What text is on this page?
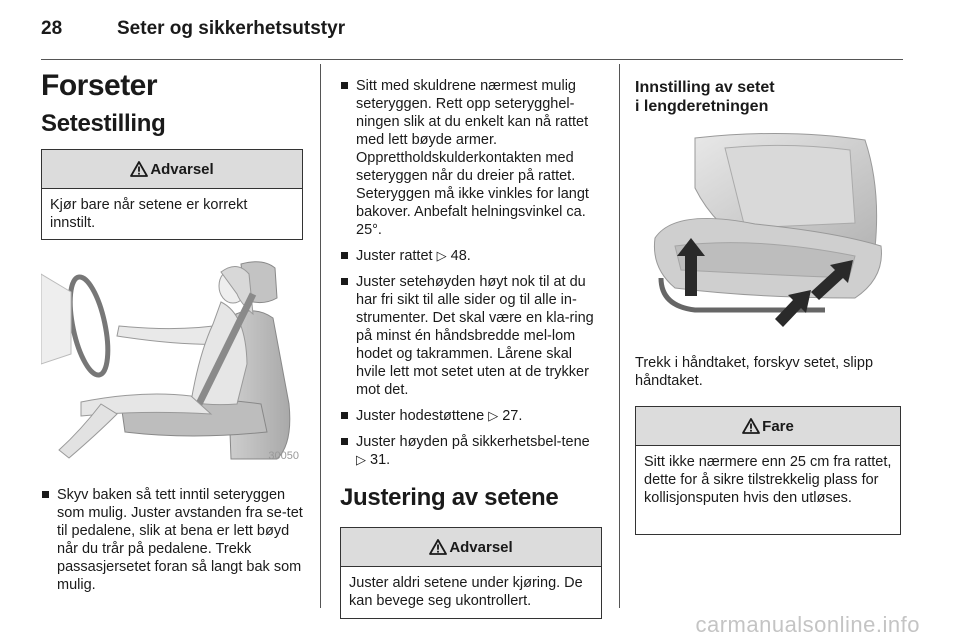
28	Seter og sikkerhetsutstyr
Forseter
Setestilling
Advarsel
Kjør bare når setene er korrekt innstilt.
30050
Skyv baken så tett inntil seteryggen som mulig. Juster avstanden fra se-tet til pedalene, slik at bena er lett bøyd når du trår på pedalene. Trekk passasjersetet foran så langt bak som mulig.
Sitt med skuldrene nærmest mulig seteryggen. Rett opp seterygghel-ningen slik at du enkelt kan nå rattet med lett bøyde armer. Opprettholdskulderkontakten med seteryggen når du dreier på rattet. Seteryggen må ikke vinkles for langt bakover. Anbefalt helningsvinkel ca. 25°.
Juster rattet ▷ 48.
Juster setehøyden høyt nok til at du har fri sikt til alle sider og til alle in-strumenter. Det skal være en kla-ring på minst én håndsbredde mel-lom hodet og takrammen. Lårene skal hvile lett mot setet uten at de trykker mot det.
Juster hodestøttene ▷ 27.
Juster høyden på sikkerhetsbel-tene ▷ 31.
Justering av setene
Advarsel
Juster aldri setene under kjøring. De kan bevege seg ukontrollert.
Innstilling av setet
i lengderetningen

Trekk i håndtaket, forskyv setet, slipp håndtaket.

Fare
Sitt ikke nærmere enn 25 cm fra rattet, dette for å sikre tilstrekkelig plass for kollisjonsputen hvis den utløses.
carmanualsonline.info
